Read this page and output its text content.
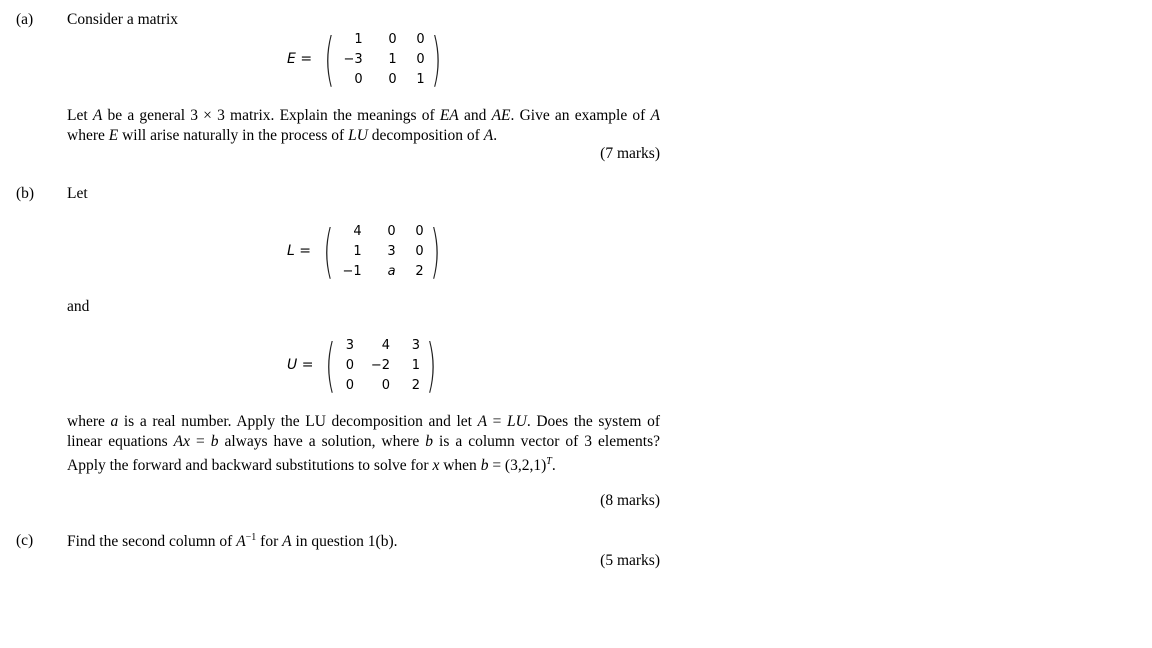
(a) Consider a matrix
E = (	1	0	0
−3	1	0
0	0	1 )
Let A be a general 3 × 3 matrix. Explain the meanings of EA and AE. Give an example of A where E will arise naturally in the process of LU decomposition of A.
(7 marks)
(b) Let
L = (	4	0	0
1	3	0
−1	a	2 )
and
U = ( 3	4	3
0	−2	1
0	0	2 )
where a is a real number. Apply the LU decomposition and let A = LU. Does the system of linear equations Ax = b always have a solution, where b is a column vector of 3 elements? Apply the forward and backward substitutions to solve for x when $b = (3,2,1)^T$.
(8 marks)
(c) Find the second column of $A^{-1}$ for A in question 1(b).
(5 marks)
